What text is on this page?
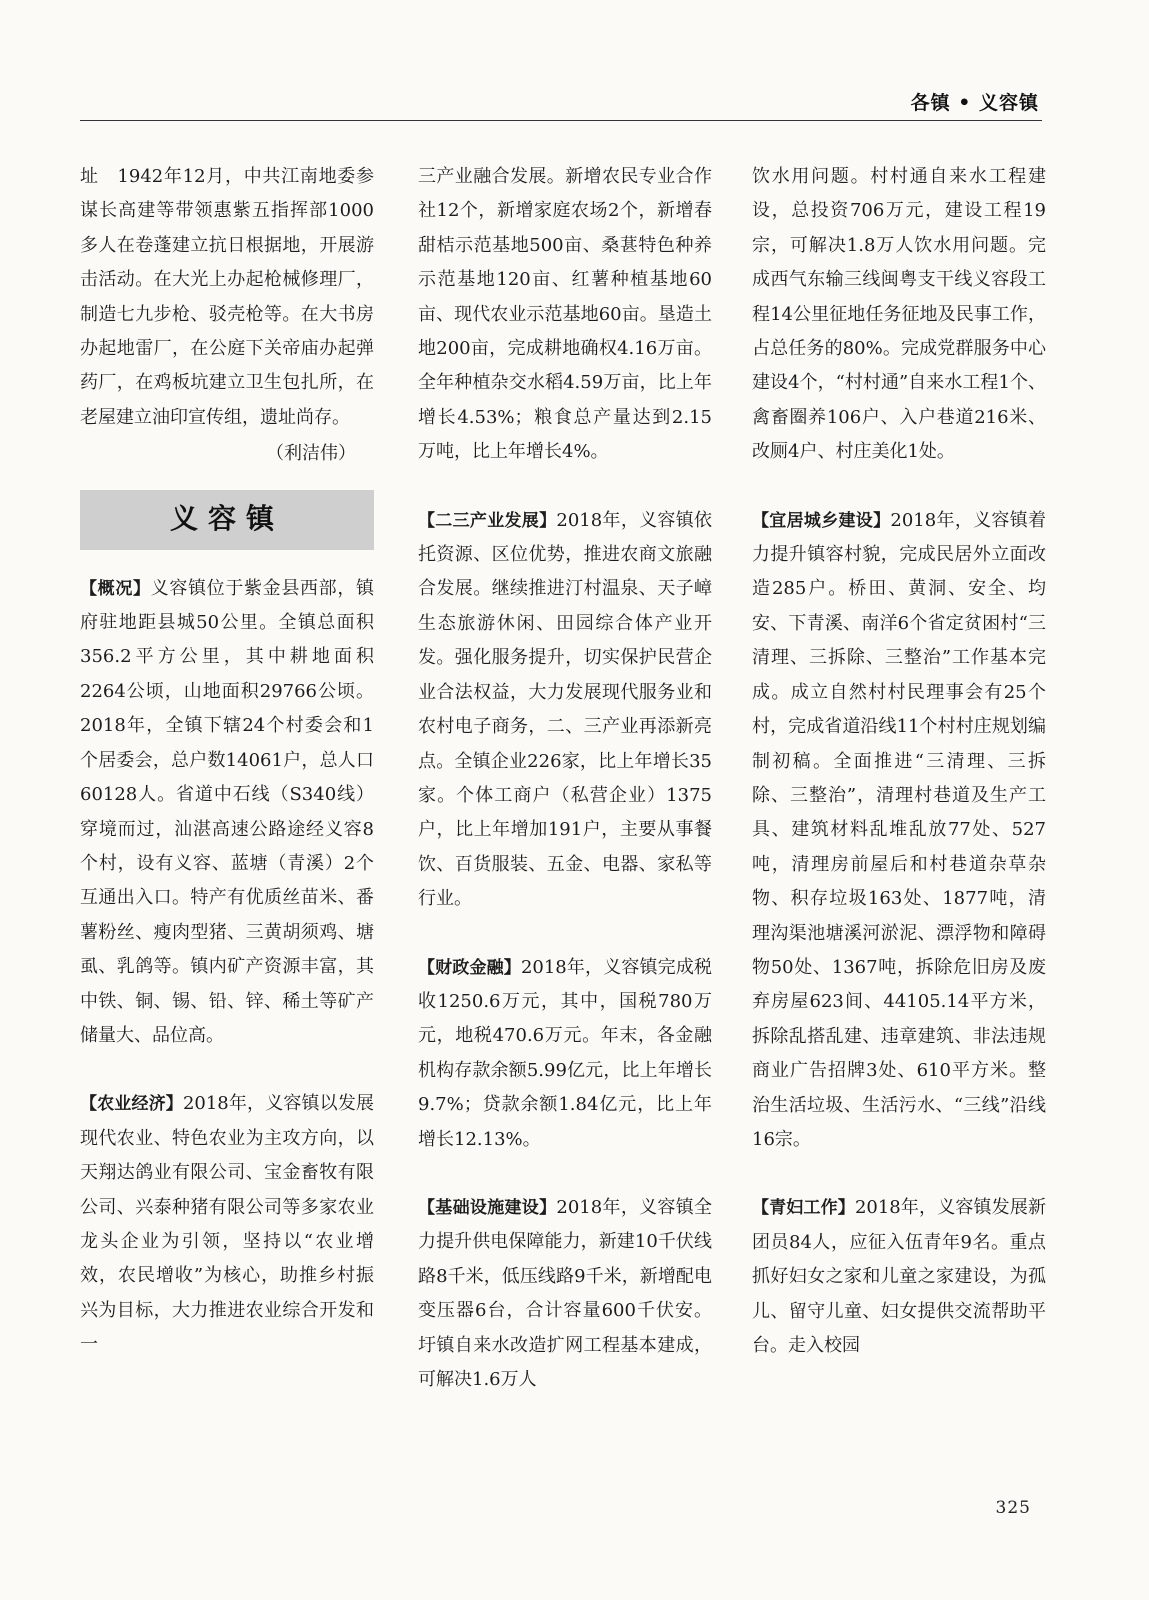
各镇 • 义容镇

址　1942年12月，中共江南地委参谋长高建等带领惠紫五指挥部1000多人在卷蓬建立抗日根据地，开展游击活动。在大光上办起枪械修理厂，制造七九步枪、驳壳枪等。在大书房办起地雷厂，在公庭下关帝庙办起弹药厂，在鸡板坑建立卫生包扎所，在老屋建立油印宣传组，遗址尚存。

（利洁伟）

义容镇

【概况】义容镇位于紫金县西部，镇府驻地距县城50公里。全镇总面积356.2平方公里，其中耕地面积2264公顷，山地面积29766公顷。2018年，全镇下辖24个村委会和1个居委会，总户数14061户，总人口60128人。省道中石线（S340线）穿境而过，汕湛高速公路途经义容8个村，设有义容、蓝塘（青溪）2个互通出入口。特产有优质丝苗米、番薯粉丝、瘦肉型猪、三黄胡须鸡、塘虱、乳鸽等。镇内矿产资源丰富，其中铁、铜、锡、铅、锌、稀土等矿产储量大、品位高。

【农业经济】2018年，义容镇以发展现代农业、特色农业为主攻方向，以天翔达鸽业有限公司、宝金畜牧有限公司、兴泰种猪有限公司等多家农业龙头企业为引领，坚持以“农业增效，农民增收”为核心，助推乡村振兴为目标，大力推进农业综合开发和一

三产业融合发展。新增农民专业合作社12个，新增家庭农场2个，新增春甜桔示范基地500亩、桑葚特色种养示范基地120亩、红薯种植基地60亩、现代农业示范基地60亩。垦造土地200亩，完成耕地确权4.16万亩。全年种植杂交水稻4.59万亩，比上年增长4.53%；粮食总产量达到2.15万吨，比上年增长4%。

【二三产业发展】2018年，义容镇依托资源、区位优势，推进农商文旅融合发展。继续推进汀村温泉、天子嶂生态旅游休闲、田园综合体产业开发。强化服务提升，切实保护民营企业合法权益，大力发展现代服务业和农村电子商务，二、三产业再添新亮点。全镇企业226家，比上年增长35家。个体工商户（私营企业）1375户，比上年增加191户，主要从事餐饮、百货服装、五金、电器、家私等行业。

【财政金融】2018年，义容镇完成税收1250.6万元，其中，国税780万元，地税470.6万元。年末，各金融机构存款余额5.99亿元，比上年增长9.7%；贷款余额1.84亿元，比上年增长12.13%。

【基础设施建设】2018年，义容镇全力提升供电保障能力，新建10千伏线路8千米，低压线路9千米，新增配电变压器6台，合计容量600千伏安。圩镇自来水改造扩网工程基本建成，可解决1.6万人

饮水用问题。村村通自来水工程建设，总投资706万元，建设工程19宗，可解决1.8万人饮水用问题。完成西气东输三线闽粤支干线义容段工程14公里征地任务征地及民事工作，占总任务的80%。完成党群服务中心建设4个，“村村通”自来水工程1个、禽畜圈养106户、入户巷道216米、改厕4户、村庄美化1处。

【宜居城乡建设】2018年，义容镇着力提升镇容村貌，完成民居外立面改造285户。桥田、黄洞、安全、均安、下青溪、南洋6个省定贫困村“三清理、三拆除、三整治”工作基本完成。成立自然村村民理事会有25个村，完成省道沿线11个村村庄规划编制初稿。全面推进“三清理、三拆除、三整治”，清理村巷道及生产工具、建筑材料乱堆乱放77处、527吨，清理房前屋后和村巷道杂草杂物、积存垃圾163处、1877吨，清理沟渠池塘溪河淤泥、漂浮物和障碍物50处、1367吨，拆除危旧房及废弃房屋623间、44105.14平方米，拆除乱搭乱建、违章建筑、非法违规商业广告招牌3处、610平方米。整治生活垃圾、生活污水、“三线”沿线16宗。

【青妇工作】2018年，义容镇发展新团员84人，应征入伍青年9名。重点抓好妇女之家和儿童之家建设，为孤儿、留守儿童、妇女提供交流帮助平台。走入校园

325
